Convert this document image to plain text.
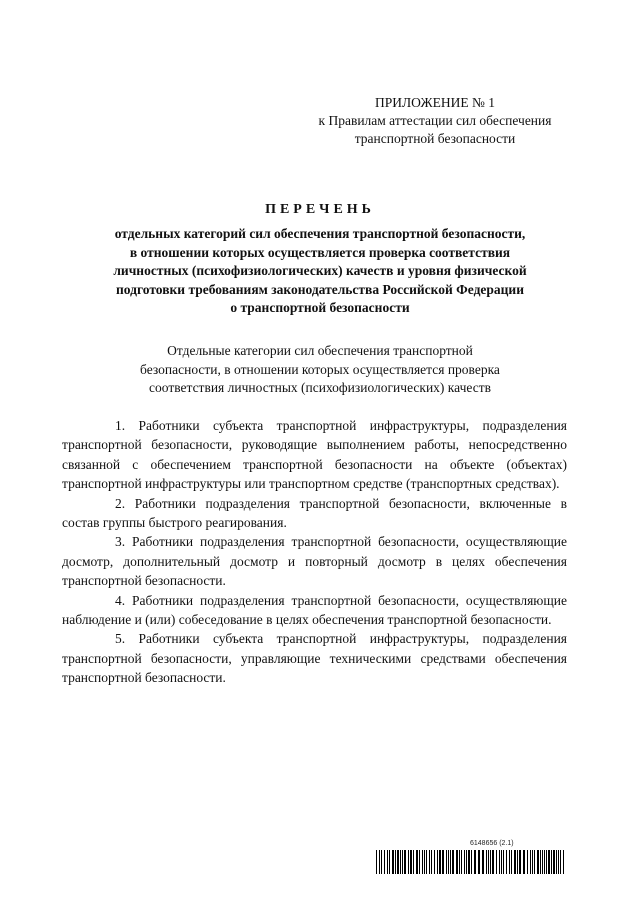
ПРИЛОЖЕНИЕ № 1
к Правилам аттестации сил обеспечения
транспортной безопасности
ПЕРЕЧЕНЬ
отдельных категорий сил обеспечения транспортной безопасности,
в отношении которых осуществляется проверка соответствия
личностных (психофизиологических) качеств и уровня физической
подготовки требованиям законодательства Российской Федерации
о транспортной безопасности
Отдельные категории сил обеспечения транспортной
безопасности, в отношении которых осуществляется проверка
соответствия личностных (психофизиологических) качеств

1. Работники субъекта транспортной инфраструктуры, подразделения транспортной безопасности, руководящие выполнением работы, непосредственно связанной с обеспечением транспортной безопасности на объекте (объектах) транспортной инфраструктуры или транспортном средстве (транспортных средствах).

2. Работники подразделения транспортной безопасности, включенные в состав группы быстрого реагирования.

3. Работники подразделения транспортной безопасности, осуществляющие досмотр, дополнительный досмотр и повторный досмотр в целях обеспечения транспортной безопасности.

4. Работники подразделения транспортной безопасности, осуществляющие наблюдение и (или) собеседование в целях обеспечения транспортной безопасности.

5. Работники субъекта транспортной инфраструктуры, подразделения транспортной безопасности, управляющие техническими средствами обеспечения транспортной безопасности.

6148656 (2.1)
